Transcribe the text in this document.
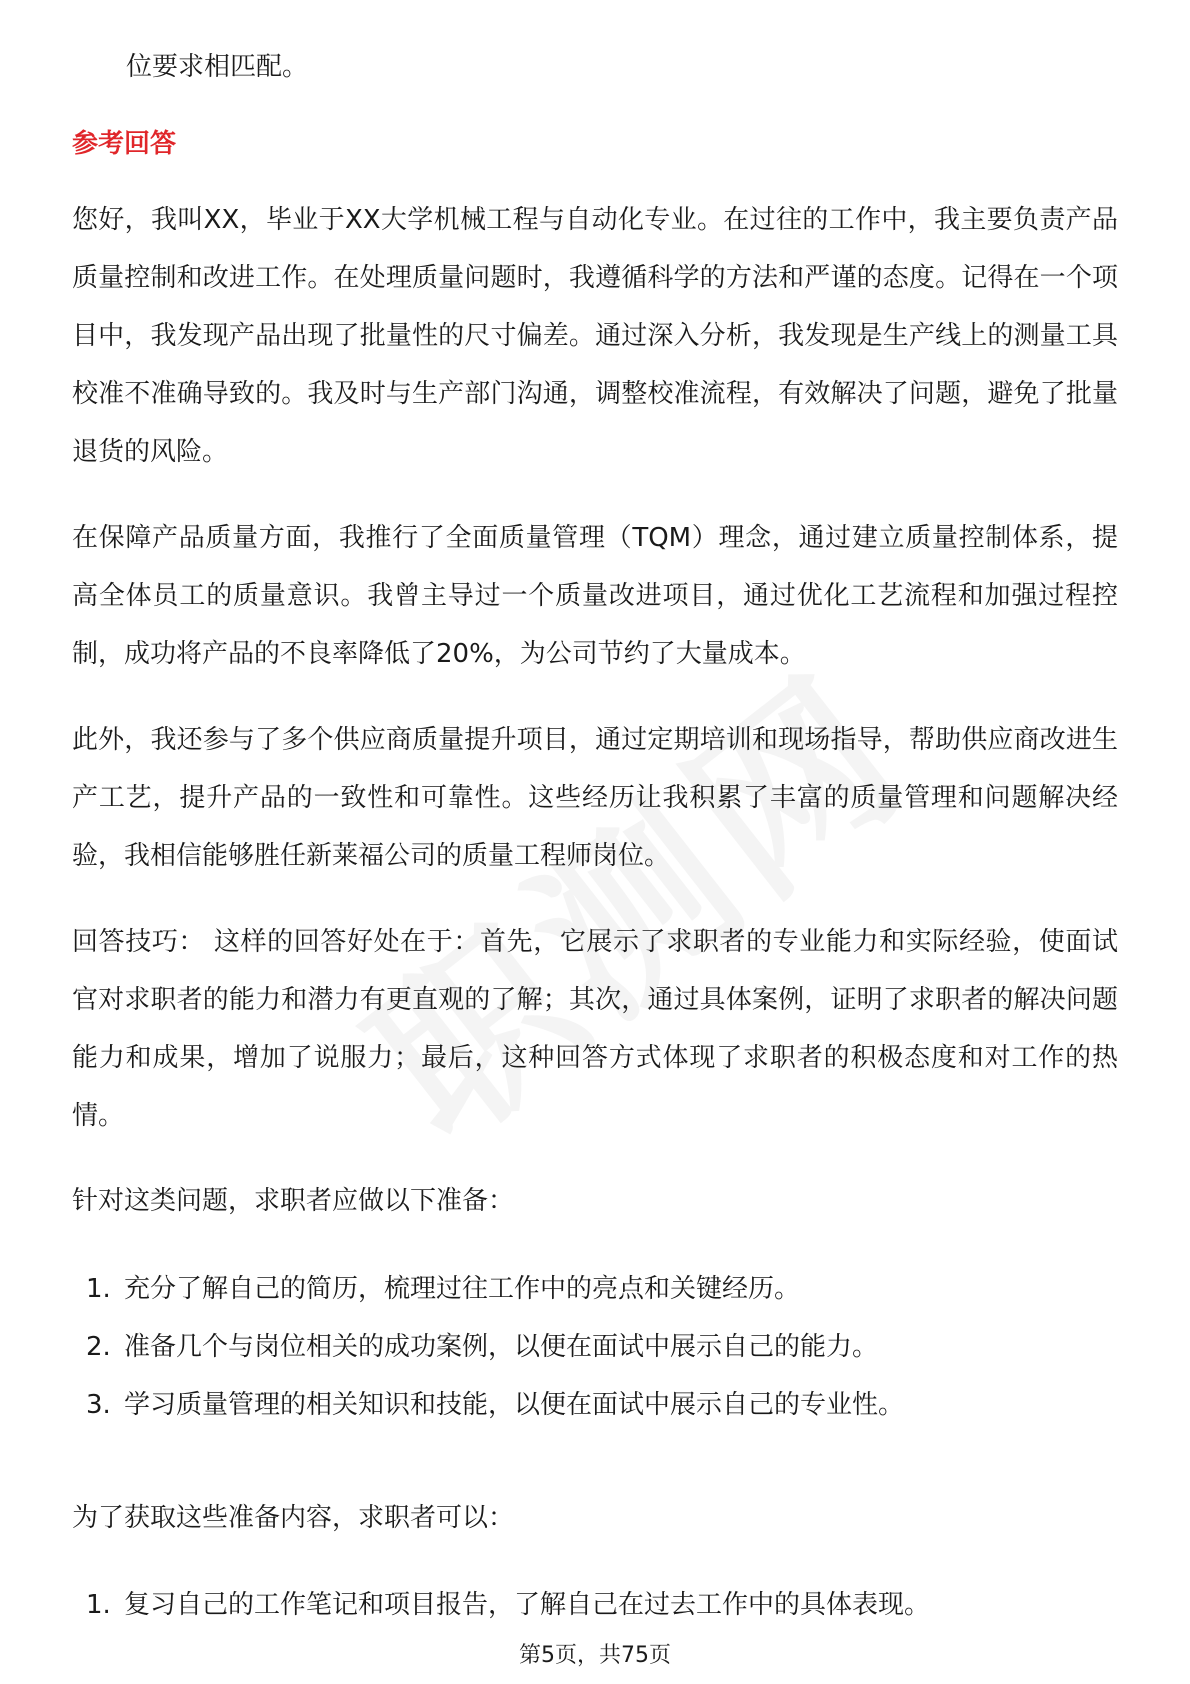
位要求相匹配。

参考回答

您好，我叫XX，毕业于XX大学机械工程与自动化专业。在过往的工作中，我主要负责产品质量控制和改进工作。在处理质量问题时，我遵循科学的方法和严谨的态度。记得在一个项目中，我发现产品出现了批量性的尺寸偏差。通过深入分析，我发现是生产线上的测量工具校准不准确导致的。我及时与生产部门沟通，调整校准流程，有效解决了问题，避免了批量退货的风险。

在保障产品质量方面，我推行了全面质量管理（TQM）理念，通过建立质量控制体系，提高全体员工的质量意识。我曾主导过一个质量改进项目，通过优化工艺流程和加强过程控制，成功将产品的不良率降低了20%，为公司节约了大量成本。

此外，我还参与了多个供应商质量提升项目，通过定期培训和现场指导，帮助供应商改进生产工艺，提升产品的一致性和可靠性。这些经历让我积累了丰富的质量管理和问题解决经验，我相信能够胜任新莱福公司的质量工程师岗位。

回答技巧： 这样的回答好处在于：首先，它展示了求职者的专业能力和实际经验，使面试官对求职者的能力和潜力有更直观的了解；其次，通过具体案例，证明了求职者的解决问题能力和成果，增加了说服力；最后，这种回答方式体现了求职者的积极态度和对工作的热情。

针对这类问题，求职者应做以下准备：

1. 充分了解自己的简历，梳理过往工作中的亮点和关键经历。
2. 准备几个与岗位相关的成功案例，以便在面试中展示自己的能力。
3. 学习质量管理的相关知识和技能，以便在面试中展示自己的专业性。

为了获取这些准备内容，求职者可以：

1. 复习自己的工作笔记和项目报告，了解自己在过去工作中的具体表现。

第5页，共75页
